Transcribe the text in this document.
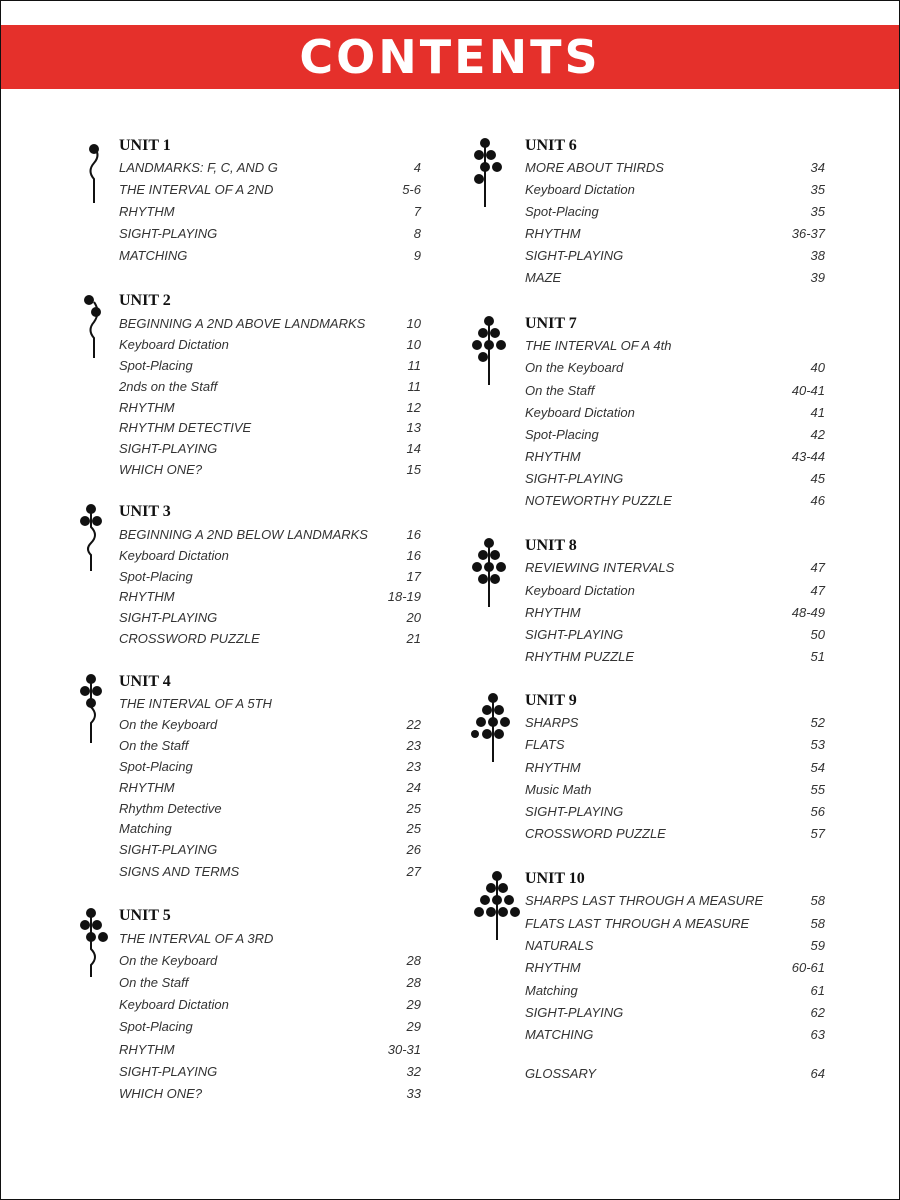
CONTENTS
UNIT 1
LANDMARKS: F, C, AND G	4
THE INTERVAL OF A 2ND	5-6
RHYTHM	7
SIGHT-PLAYING	8
MATCHING	9
UNIT 2
BEGINNING A 2ND ABOVE LANDMARKS	10
Keyboard Dictation	10
Spot-Placing	11
2nds on the Staff	11
RHYTHM	12
RHYTHM DETECTIVE	13
SIGHT-PLAYING	14
WHICH ONE?	15
UNIT 3
BEGINNING A 2ND BELOW LANDMARKS	16
Keyboard Dictation	16
Spot-Placing	17
RHYTHM	18-19
SIGHT-PLAYING	20
CROSSWORD PUZZLE	21
UNIT 4
THE INTERVAL OF A 5TH
On the Keyboard	22
On the Staff	23
Spot-Placing	23
RHYTHM	24
Rhythm Detective	25
Matching	25
SIGHT-PLAYING	26
SIGNS AND TERMS	27
UNIT 5
THE INTERVAL OF A 3RD
On the Keyboard	28
On the Staff	28
Keyboard Dictation	29
Spot-Placing	29
RHYTHM	30-31
SIGHT-PLAYING	32
WHICH ONE?	33
UNIT 6
MORE ABOUT THIRDS	34
Keyboard Dictation	35
Spot-Placing	35
RHYTHM	36-37
SIGHT-PLAYING	38
MAZE	39
UNIT 7
THE INTERVAL OF A 4th
On the Keyboard	40
On the Staff	40-41
Keyboard Dictation	41
Spot-Placing	42
RHYTHM	43-44
SIGHT-PLAYING	45
NOTEWORTHY PUZZLE	46
UNIT 8
REVIEWING INTERVALS	47
Keyboard Dictation	47
RHYTHM	48-49
SIGHT-PLAYING	50
RHYTHM PUZZLE	51
UNIT 9
SHARPS	52
FLATS	53
RHYTHM	54
Music Math	55
SIGHT-PLAYING	56
CROSSWORD PUZZLE	57
UNIT 10
SHARPS LAST THROUGH A MEASURE	58
FLATS LAST THROUGH A MEASURE	58
NATURALS	59
RHYTHM	60-61
Matching	61
SIGHT-PLAYING	62
MATCHING	63
GLOSSARY	64
